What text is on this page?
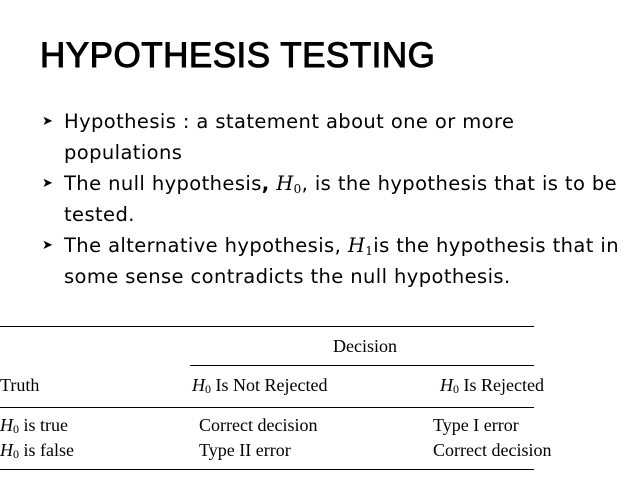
HYPOTHESIS TESTING
➤ Hypothesis : a statement about one or more populations
➤ The null hypothesis, $H_0$, is the hypothesis that is to be tested.
➤ The alternative hypothesis, $H_1is$ the hypothesis that in some sense contradicts the null hypothesis.
Decision
Truth	$H_0$ Is Not Rejected	$H_0$ Is Rejected
$H_0$ is true	Correct decision	Type I error
$H_0$ is false	Type II error	Correct decision
